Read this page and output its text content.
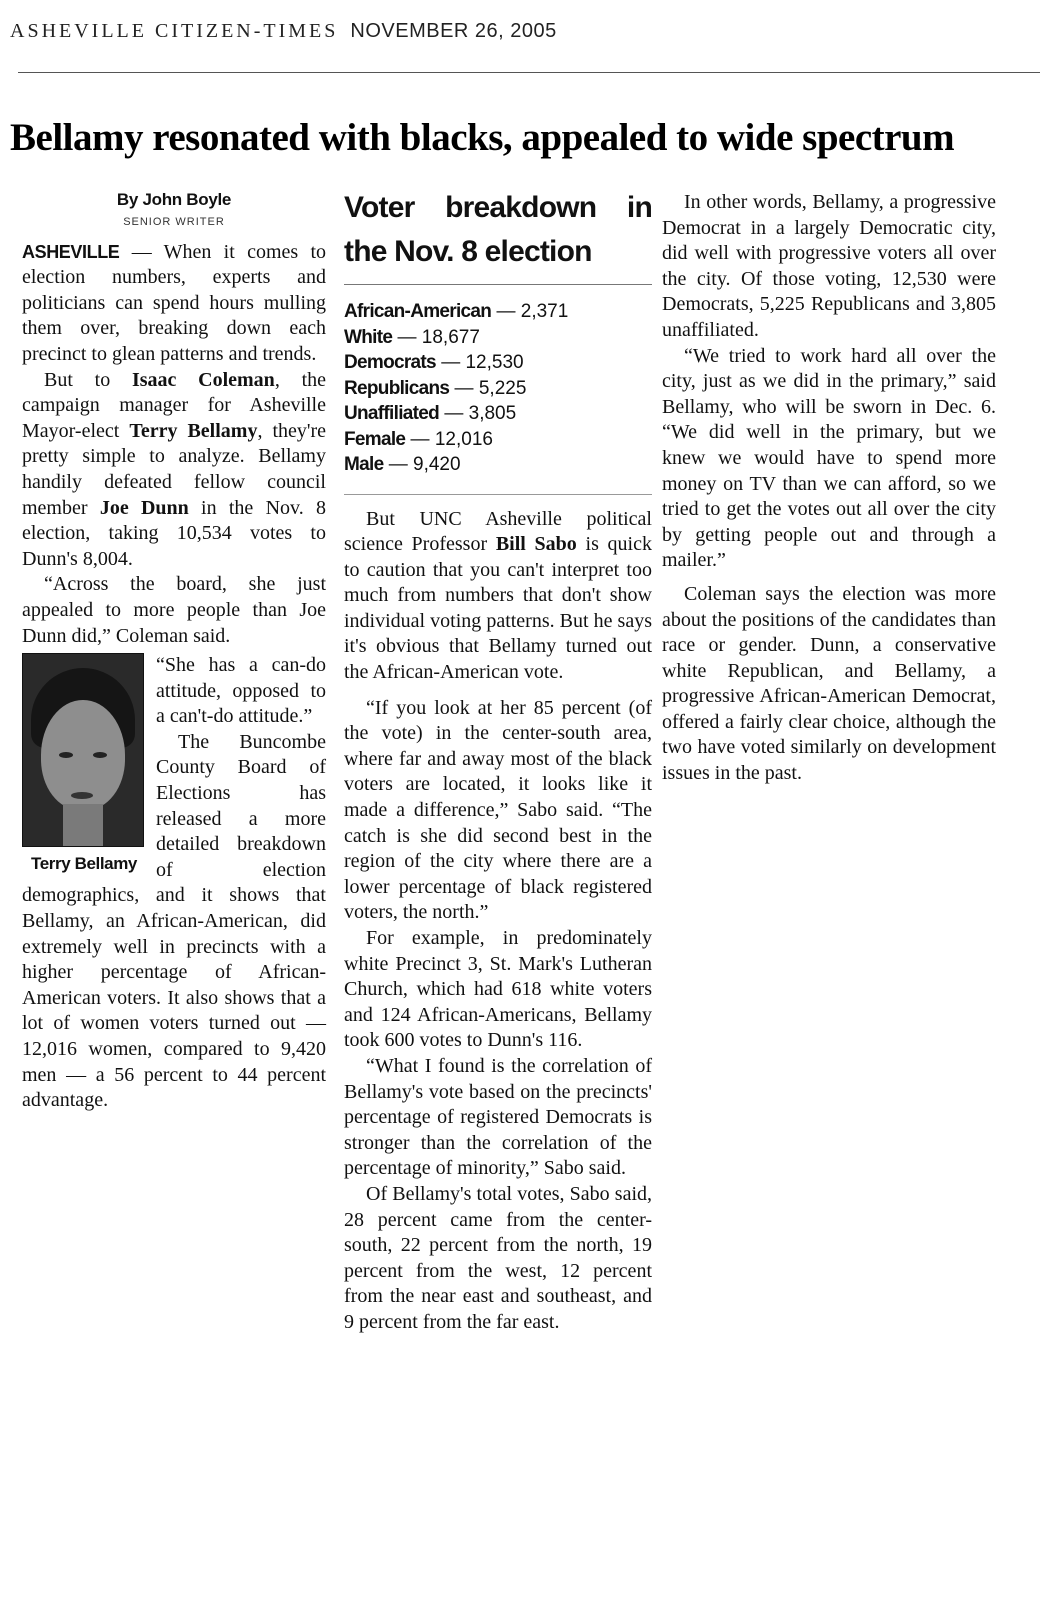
ASHEVILLE CITIZEN-TIMES NOVEMBER 26, 2005
Bellamy resonated with blacks, appealed to wide spectrum
By John Boyle
SENIOR WRITER

ASHEVILLE — When it comes to election numbers, experts and politicians can spend hours mulling them over, breaking down each precinct to glean patterns and trends.

But to Isaac Coleman, the campaign manager for Asheville Mayor-elect Terry Bellamy, they're pretty simple to analyze. Bellamy handily defeated fellow council member Joe Dunn in the Nov. 8 election, taking 10,534 votes to Dunn's 8,004.

“Across the board, she just appealed to more people than Joe Dunn did,” Coleman said.

Terry Bellamy

“She has a can-do attitude, opposed to a can't-do attitude.”

The Buncombe County Board of Elections has released a more detailed breakdown of election demographics, and it shows that Bellamy, an African-American, did extremely well in precincts with a higher percentage of African-American voters. It also shows that a lot of women voters turned out — 12,016 women, compared to 9,420 men — a 56 percent to 44 percent advantage.

Voter breakdown in the Nov. 8 election
African-American — 2,371
White — 18,677
Democrats — 12,530
Republicans — 5,225
Unaffiliated — 3,805
Female — 12,016
Male — 9,420

But UNC Asheville political science Professor Bill Sabo is quick to caution that you can't interpret too much from numbers that don't show individual voting patterns. But he says it's obvious that Bellamy turned out the African-American vote.

“If you look at her 85 percent (of the vote) in the center-south area, where far and away most of the black voters are located, it looks like it made a difference,” Sabo said. “The catch is she did second best in the region of the city where there are a lower percentage of black registered voters, the north.”

For example, in predominately white Precinct 3, St. Mark's Lutheran Church, which had 618 white voters and 124 African-Americans, Bellamy took 600 votes to Dunn's 116.

“What I found is the correlation of Bellamy's vote based on the precincts' percentage of registered Democrats is stronger than the correlation of the percentage of minority,” Sabo said.

Of Bellamy's total votes, Sabo said, 28 percent came from the center-south, 22 percent from the north, 19 percent from the west, 12 percent from the near east and southeast, and 9 percent from the far east.

In other words, Bellamy, a progressive Democrat in a largely Democratic city, did well with progressive voters all over the city. Of those voting, 12,530 were Democrats, 5,225 Republicans and 3,805 unaffiliated.

“We tried to work hard all over the city, just as we did in the primary,” said Bellamy, who will be sworn in Dec. 6. “We did well in the primary, but we knew we would have to spend more money on TV than we can afford, so we tried to get the votes out all over the city by getting people out and through a mailer.”

Coleman says the election was more about the positions of the candidates than race or gender. Dunn, a conservative white Republican, and Bellamy, a progressive African-American Democrat, offered a fairly clear choice, although the two have voted similarly on development issues in the past.
